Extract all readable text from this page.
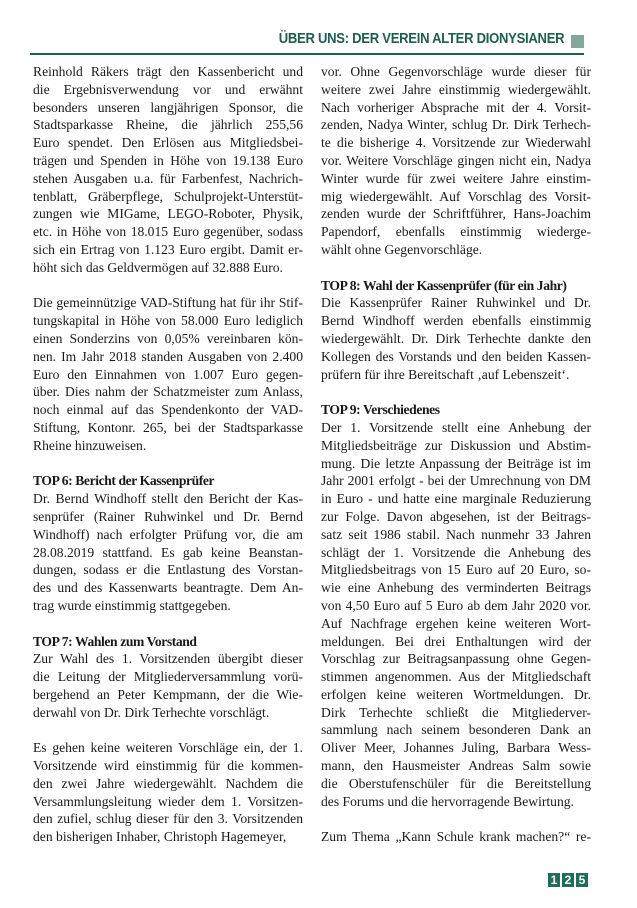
ÜBER UNS: DER VEREIN ALTER DIONYSIANER
Reinhold Räkers trägt den Kassenbericht und
die Ergebnisverwendung vor und erwähnt
besonders unseren langjährigen Sponsor, die
Stadtsparkasse Rheine, die jährlich 255,56
Euro spendet. Den Erlösen aus Mitgliedsbei-
trägen und Spenden in Höhe von 19.138 Euro
stehen Ausgaben u.a. für Farbenfest, Nachrich-
tenblatt, Gräberpflege, Schulprojekt-Unterstüt-
zungen wie MIGame, LEGO-Roboter, Physik,
etc. in Höhe von 18.015 Euro gegenüber, sodass
sich ein Ertrag von 1.123 Euro ergibt. Damit er-
höht sich das Geldvermögen auf 32.888 Euro.
Die gemeinnützige VAD-Stiftung hat für ihr Stif-
tungskapital in Höhe von 58.000 Euro lediglich
einen Sonderzins von 0,05% vereinbaren kön-
nen. Im Jahr 2018 standen Ausgaben von 2.400
Euro den Einnahmen von 1.007 Euro gegen-
über. Dies nahm der Schatzmeister zum Anlass,
noch einmal auf das Spendenkonto der VAD-
Stiftung, Kontonr. 265, bei der Stadtsparkasse
Rheine hinzuweisen.
TOP 6: Bericht der Kassenprüfer
Dr. Bernd Windhoff stellt den Bericht der Kas-
senprüfer (Rainer Ruhwinkel und Dr. Bernd
Windhoff) nach erfolgter Prüfung vor, die am
28.08.2019 stattfand. Es gab keine Beanstan-
dungen, sodass er die Entlastung des Vorstan-
des und des Kassenwarts beantragte. Dem An-
trag wurde einstimmig stattgegeben.
TOP 7: Wahlen zum Vorstand
Zur Wahl des 1. Vorsitzenden übergibt dieser
die Leitung der Mitgliederversammlung vorü-
bergehend an Peter Kempmann, der die Wie-
derwahl von Dr. Dirk Terhechte vorschlägt.
Es gehen keine weiteren Vorschläge ein, der 1.
Vorsitzende wird einstimmig für die kommen-
den zwei Jahre wiedergewählt. Nachdem die
Versammlungsleitung wieder dem 1. Vorsitzen-
den zufiel, schlug dieser für den 3. Vorsitzenden
den bisherigen Inhaber, Christoph Hagemeyer,
vor. Ohne Gegenvorschläge wurde dieser für
weitere zwei Jahre einstimmig wiedergewählt.
Nach vorheriger Absprache mit der 4. Vorsit-
zenden, Nadya Winter, schlug Dr. Dirk Terhech-
te die bisherige 4. Vorsitzende zur Wiederwahl
vor. Weitere Vorschläge gingen nicht ein, Nadya
Winter wurde für zwei weitere Jahre einstim-
mig wiedergewählt. Auf Vorschlag des Vorsit-
zenden wurde der Schriftführer, Hans-Joachim
Papendorf, ebenfalls einstimmig wiederge-
wählt ohne Gegenvorschläge.
TOP 8: Wahl der Kassenprüfer (für ein Jahr)
Die Kassenprüfer Rainer Ruhwinkel und Dr.
Bernd Windhoff werden ebenfalls einstimmig
wiedergewählt. Dr. Dirk Terhechte dankte den
Kollegen des Vorstands und den beiden Kassen-
prüfern für ihre Bereitschaft ‚auf Lebenszeit‘.
TOP 9: Verschiedenes
Der 1. Vorsitzende stellt eine Anhebung der
Mitgliedsbeiträge zur Diskussion und Abstim-
mung. Die letzte Anpassung der Beiträge ist im
Jahr 2001 erfolgt - bei der Umrechnung von DM
in Euro - und hatte eine marginale Reduzierung
zur Folge. Davon abgesehen, ist der Beitrags-
satz seit 1986 stabil. Nach nunmehr 33 Jahren
schlägt der 1. Vorsitzende die Anhebung des
Mitgliedsbeitrags von 15 Euro auf 20 Euro, so-
wie eine Anhebung des verminderten Beitrags
von 4,50 Euro auf 5 Euro ab dem Jahr 2020 vor.
Auf Nachfrage ergehen keine weiteren Wort-
meldungen. Bei drei Enthaltungen wird der
Vorschlag zur Beitragsanpassung ohne Gegen-
stimmen angenommen. Aus der Mitgliedschaft
erfolgen keine weiteren Wortmeldungen. Dr.
Dirk Terhechte schließt die Mitgliederver-
sammlung nach seinem besonderen Dank an
Oliver Meer, Johannes Juling, Barbara Wess-
mann, den Hausmeister Andreas Salm sowie
die Oberstufenschüler für die Bereitstellung
des Forums und die hervorragende Bewirtung.
Zum Thema „Kann Schule krank machen?“ re-
1 2 5
